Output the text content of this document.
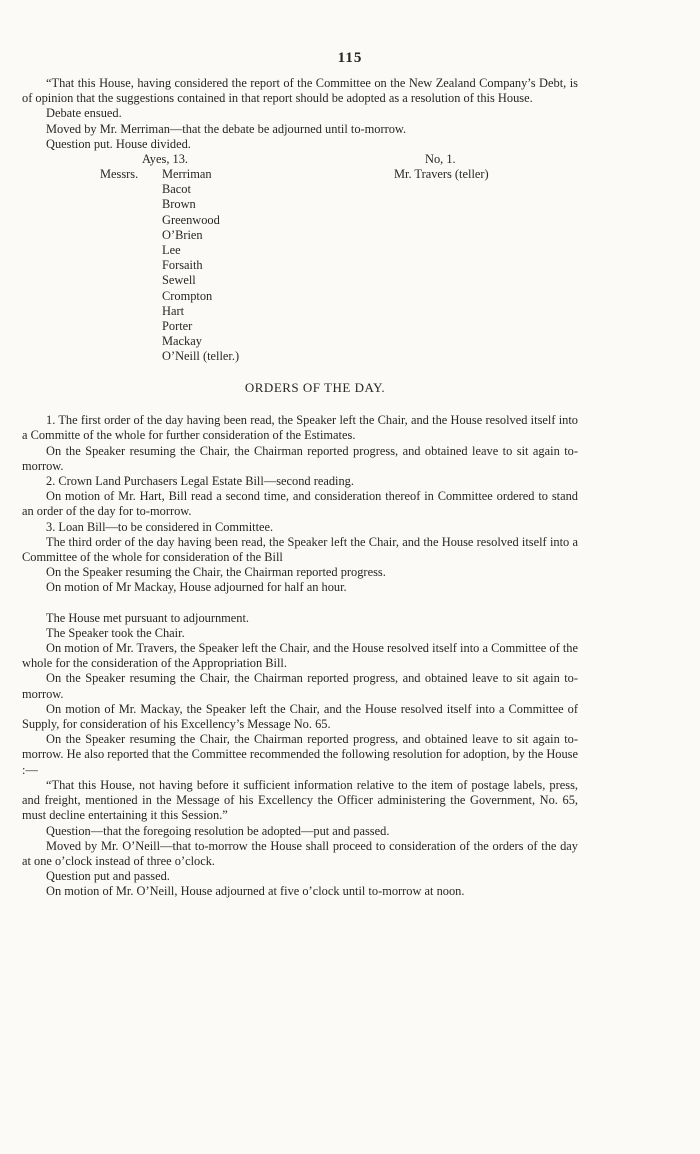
115

“That this House, having considered the report of the Committee on the New Zealand Company’s Debt, is of opinion that the suggestions contained in that report should be adopted as a resolution of this House.

Debate ensued.

Moved by Mr. Merriman—that the debate be adjourned until to-morrow.

Question put. House divided.

Ayes, 13.	No, 1.
Messrs. Merriman
Bacot
Brown
Greenwood
O’Brien
Lee
Forsaith
Sewell
Crompton
Hart
Porter
Mackay
O’Neill (teller.)
Mr. Travers (teller)

ORDERS OF THE DAY.

1. The first order of the day having been read, the Speaker left the Chair, and the House resolved itself into a Committe of the whole for further consideration of the Estimates.

On the Speaker resuming the Chair, the Chairman reported progress, and obtained leave to sit again to-morrow.

2. Crown Land Purchasers Legal Estate Bill—second reading.

On motion of Mr. Hart, Bill read a second time, and consideration thereof in Committee ordered to stand an order of the day for to-morrow.

3. Loan Bill—to be considered in Committee.

The third order of the day having been read, the Speaker left the Chair, and the House resolved itself into a Committee of the whole for consideration of the Bill

On the Speaker resuming the Chair, the Chairman reported progress.

On motion of Mr Mackay, House adjourned for half an hour.

The House met pursuant to adjournment.

The Speaker took the Chair.

On motion of Mr. Travers, the Speaker left the Chair, and the House resolved itself into a Committee of the whole for the consideration of the Appropriation Bill.

On the Speaker resuming the Chair, the Chairman reported progress, and obtained leave to sit again to-morrow.

On motion of Mr. Mackay, the Speaker left the Chair, and the House resolved itself into a Committee of Supply, for consideration of his Excellency’s Message No. 65.

On the Speaker resuming the Chair, the Chairman reported progress, and obtained leave to sit again to-morrow. He also reported that the Committee recommended the following resolution for adoption, by the House :—

“That this House, not having before it sufficient information relative to the item of postage labels, press, and freight, mentioned in the Message of his Excellency the Officer administering the Government, No. 65, must decline entertaining it this Session.”

Question—that the foregoing resolution be adopted—put and passed.

Moved by Mr. O’Neill—that to-morrow the House shall proceed to consideration of the orders of the day at one o’clock instead of three o’clock.

Question put and passed.

On motion of Mr. O’Neill, House adjourned at five o’clock until to-morrow at noon.
